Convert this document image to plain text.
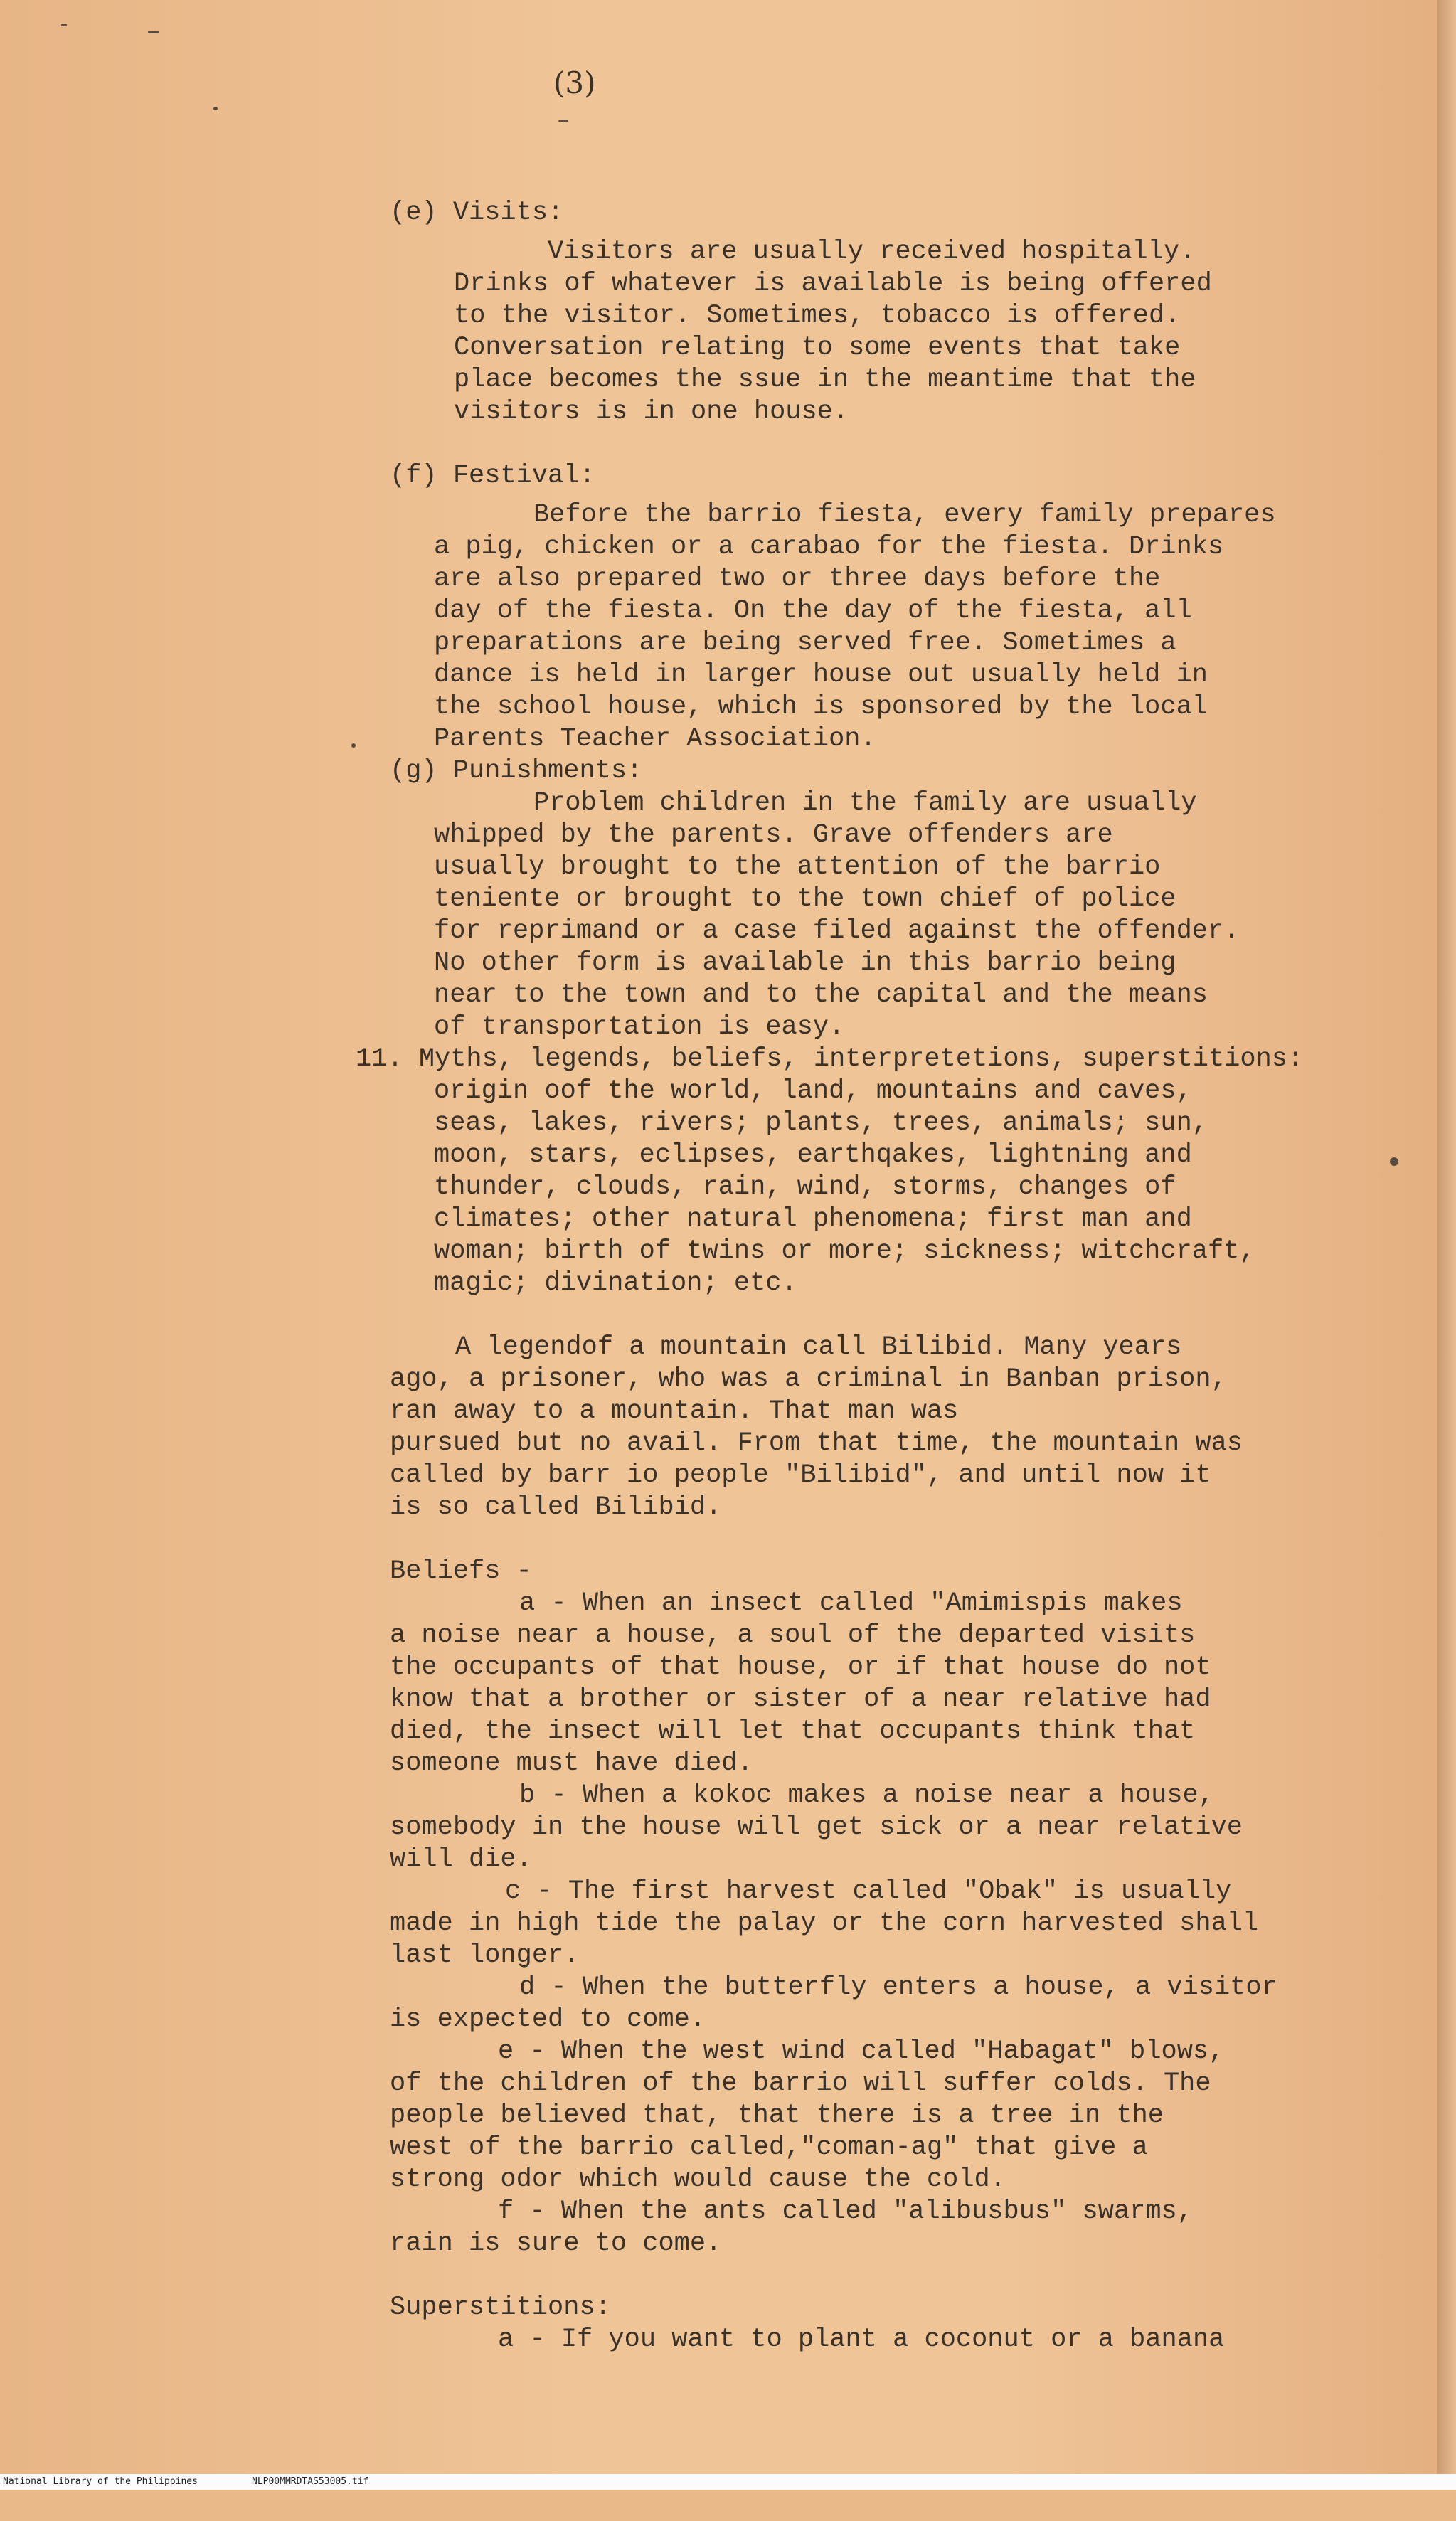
(3)
(e) Visits:
Visitors are usually received hospitally.
Drinks of whatever is available is being offered
to the visitor. Sometimes, tobacco is offered.
Conversation relating to some events that take
place becomes the ssue in the meantime that the
visitors is in one house.
(f) Festival:
Before the barrio fiesta, every family prepares
a pig, chicken or a carabao for the fiesta. Drinks
are also prepared two or three days before the
day of the fiesta. On the day of the fiesta, all
preparations are being served free. Sometimes a
dance is held in larger house out usually held in
the school house, which is sponsored by the local
Parents Teacher Association.
(g) Punishments:
Problem children in the family are usually
whipped by the parents. Grave offenders are
usually brought to the attention of the barrio
teniente or brought to the town chief of police
for reprimand or a case filed against the offender.
No other form is available in this barrio being
near to the town and to the capital and the means
of transportation is easy.
11. Myths, legends, beliefs, interpretetions, superstitions:
origin oof the world, land, mountains and caves,
seas, lakes, rivers; plants, trees, animals; sun,
moon, stars, eclipses, earthqakes, lightning and
thunder, clouds, rain, wind, storms, changes of
climates; other natural phenomena; first man and
woman; birth of twins or more; sickness; witchcraft,
magic; divination; etc.
A legendof a mountain call Bilibid. Many years
ago, a prisoner, who was a criminal in Banban prison,
ran away to a mountain. That man was
pursued but no avail. From that time, the mountain was
called by barr io people "Bilibid", and until now it
is so called Bilibid.
Beliefs -
a - When an insect called "Amimispis makes
a noise near a house, a soul of the departed visits
the occupants of that house, or if that house do not
know that a brother or sister of a near relative had
died, the insect will let that occupants think that
someone must have died.
b - When a kokoc makes a noise near a house,
somebody in the house will get sick or a near relative
will die.
c - The first harvest called "Obak" is usually
made in high tide the palay or the corn harvested shall
last longer.
d - When the butterfly enters a house, a visitor
is expected to come.
e - When the west wind called "Habagat" blows,
of the children of the barrio will suffer colds. The
people believed that, that there is a tree in the
west of the barrio called,"coman-ag" that give a
strong odor which would cause the cold.
f - When the ants called "alibusbus" swarms,
rain is sure to come.
Superstitions:
a - If you want to plant a coconut or a banana

National Library of the Philippines

	NLP00MMRDTAS53005.tif
